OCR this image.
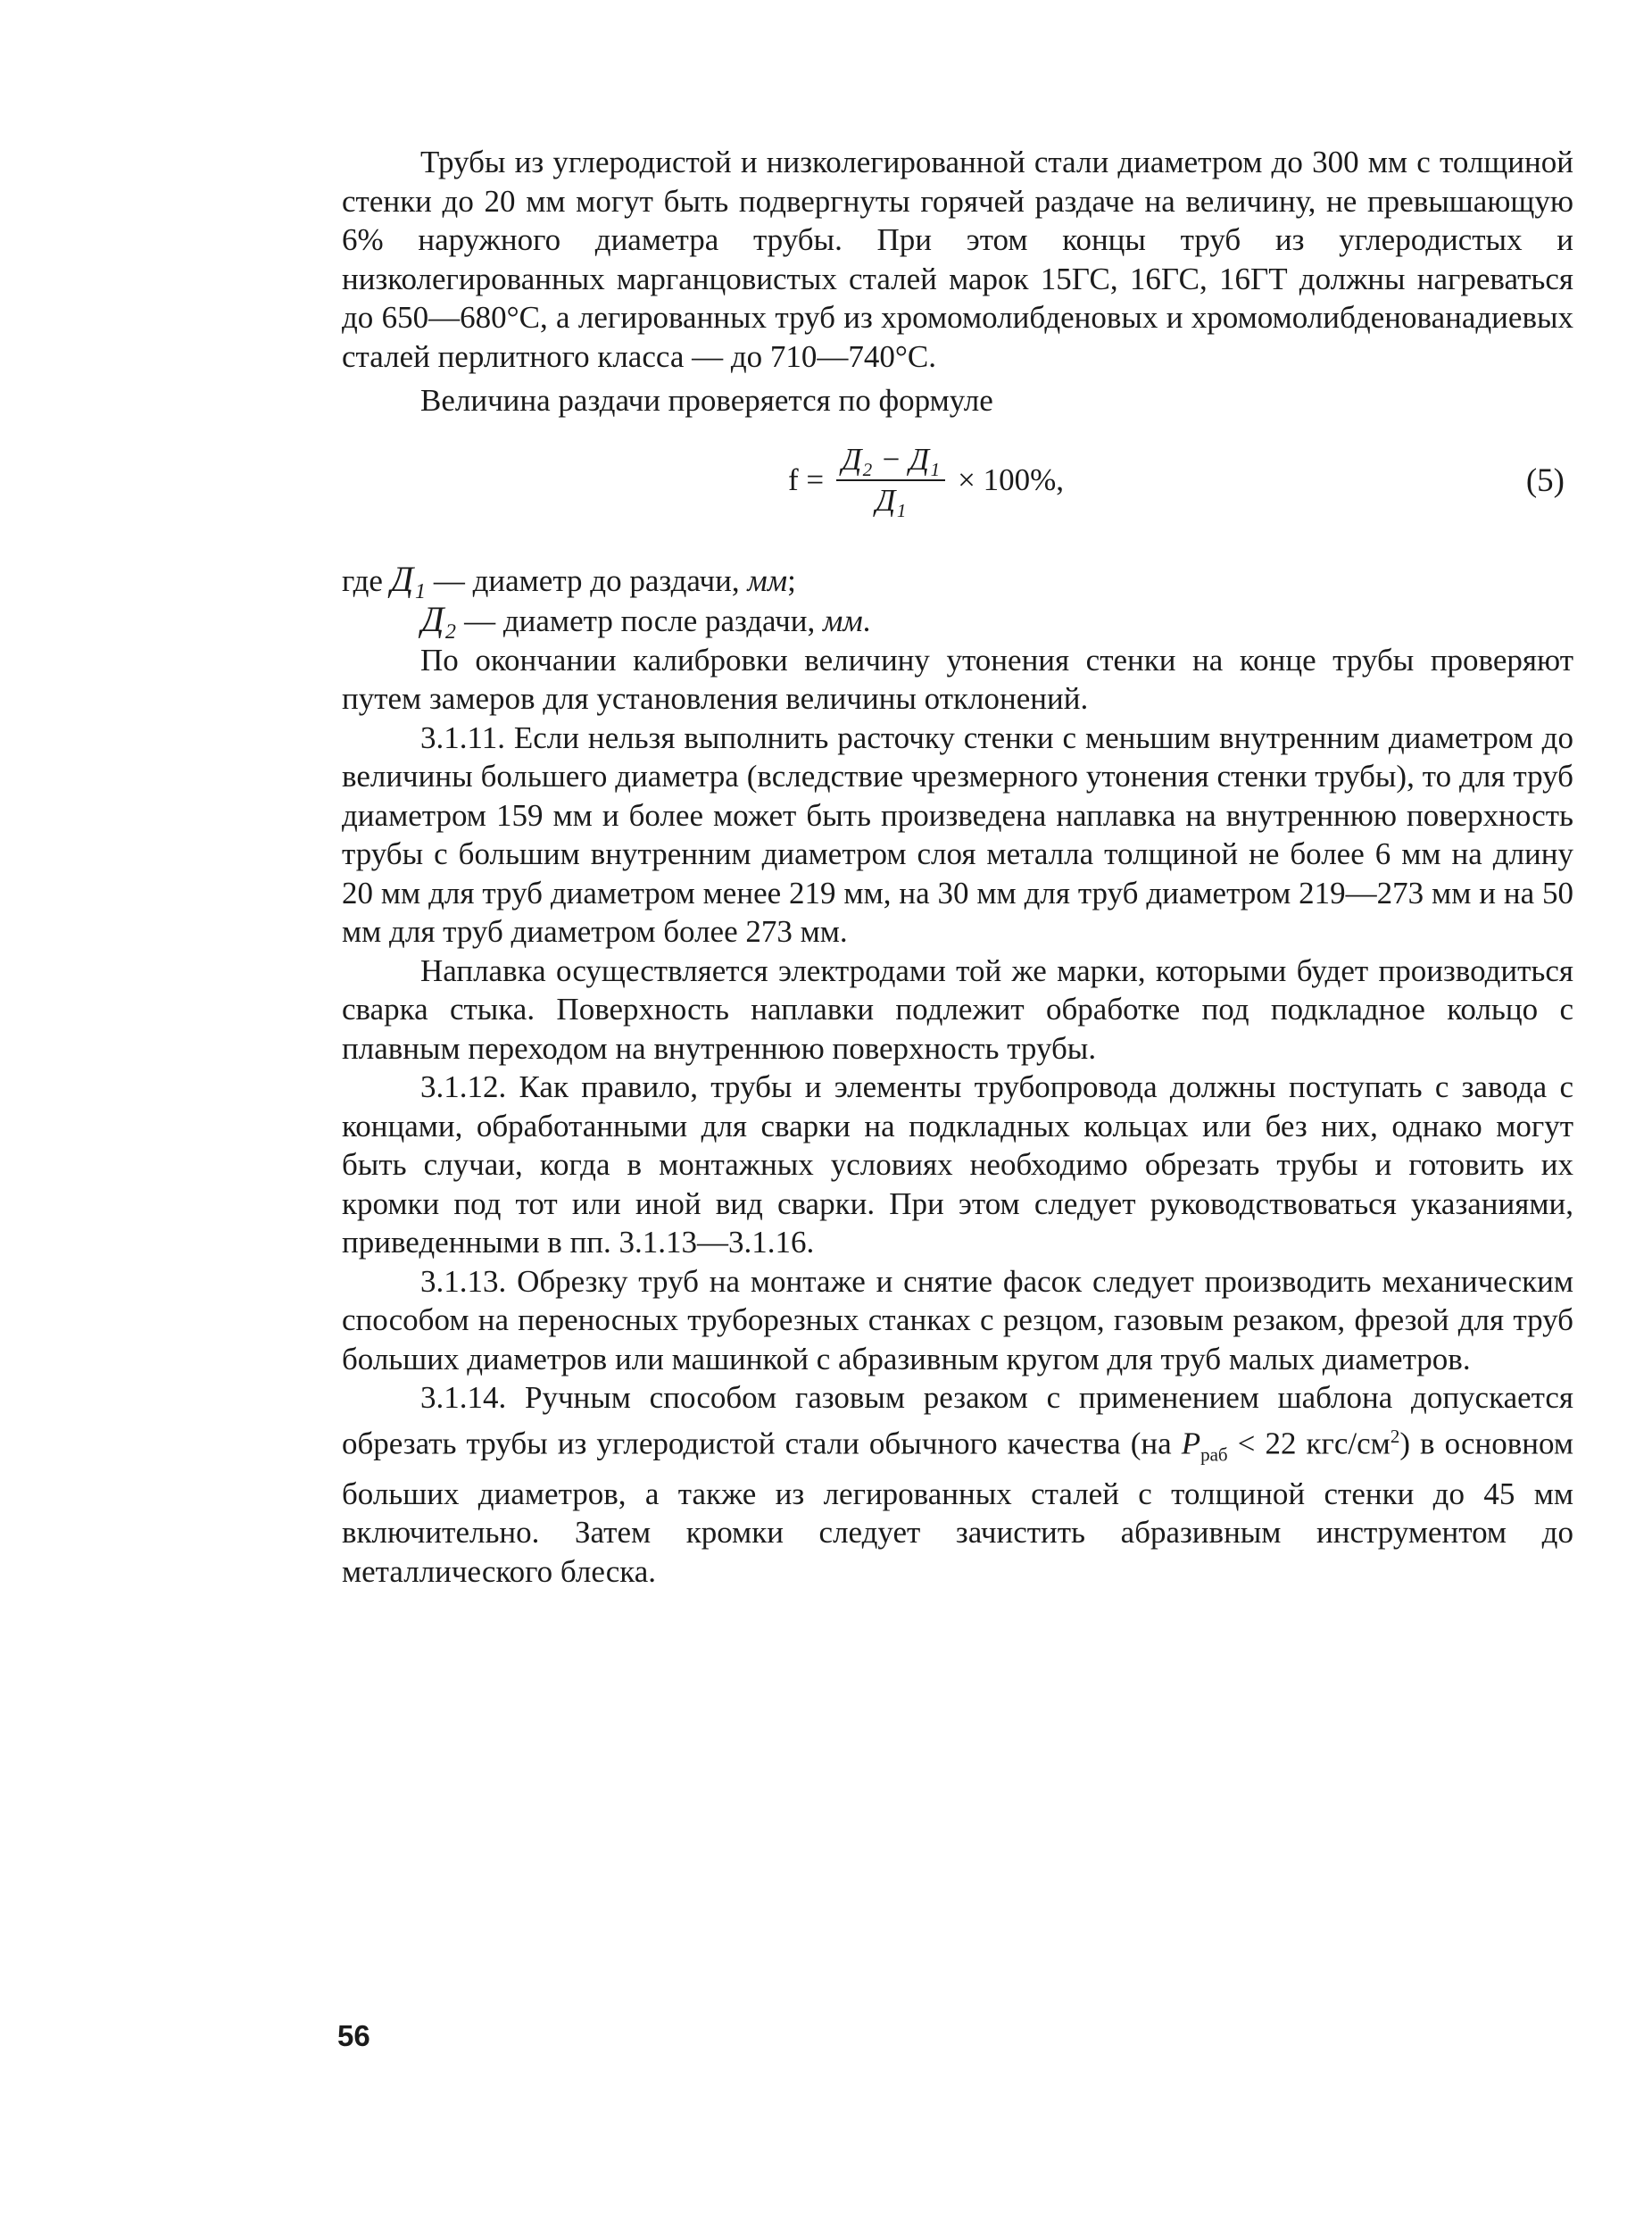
Трубы из углеродистой и низколегированной стали диаметром до 300 мм с толщиной стенки до 20 мм могут быть подвергнуты горячей раздаче на величину, не превышающую 6% наружного диаметра трубы. При этом концы труб из углеродистых и низколегированных марганцовистых сталей марок 15ГС, 16ГС, 16ГТ должны нагреваться до 650—680°С, а легированных труб из хромомолибденовых и хромомолибденованадиевых сталей перлитного класса — до 710—740°С.

Величина раздачи проверяется по формуле

$f = \frac{\text{Д₂ − Д₁}}{\text{Д₁}} \times 100\%$,	(5)

где Д₁ — диаметр до раздачи, мм;

Д₂ — диаметр после раздачи, мм.

По окончании калибровки величину утонения стенки на конце трубы проверяют путем замеров для установления величины отклонений.

3.1.11. Если нельзя выполнить расточку стенки с меньшим внутренним диаметром до величины большего диаметра (вследствие чрезмерного утонения стенки трубы), то для труб диаметром 159 мм и более может быть произведена наплавка на внутреннюю поверхность трубы с большим внутренним диаметром слоя металла толщиной не более 6 мм на длину 20 мм для труб диаметром менее 219 мм, на 30 мм для труб диаметром 219—273 мм и на 50 мм для труб диаметром более 273 мм.

Наплавка осуществляется электродами той же марки, которыми будет производиться сварка стыка. Поверхность наплавки подлежит обработке под подкладное кольцо с плавным переходом на внутреннюю поверхность трубы.

3.1.12. Как правило, трубы и элементы трубопровода должны поступать с завода с концами, обработанными для сварки на подкладных кольцах или без них, однако могут быть случаи, когда в монтажных условиях необходимо обрезать трубы и готовить их кромки под тот или иной вид сварки. При этом следует руководствоваться указаниями, приведенными в пп. 3.1.13—3.1.16.

3.1.13. Обрезку труб на монтаже и снятие фасок следует производить механическим способом на переносных труборезных станках с резцом, газовым резаком, фрезой для труб больших диаметров или машинкой с абразивным кругом для труб малых диаметров.

3.1.14. Ручным способом газовым резаком с применением шаблона допускается обрезать трубы из углеродистой стали обычного качества (на $P_{раб} < 22$ кгс/$см^2$) в основном больших диаметров, а также из легированных сталей с толщиной стенки до 45 мм включительно. Затем кромки следует зачистить абразивным инструментом до металлического блеска.

56
